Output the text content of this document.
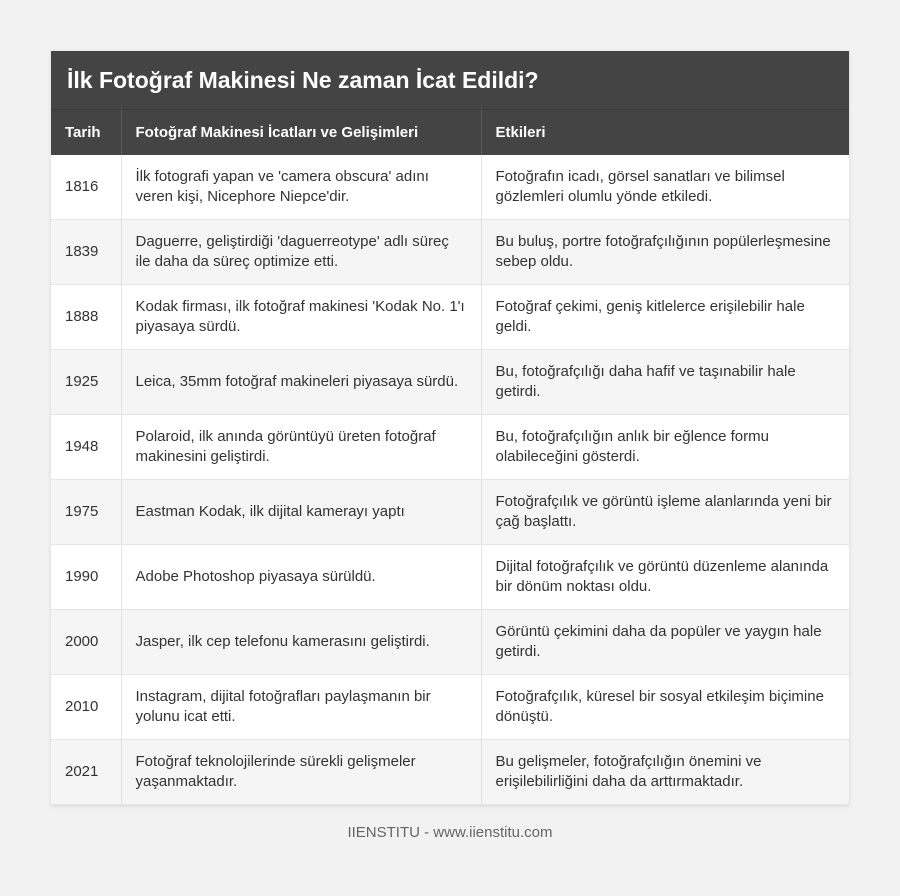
İlk Fotoğraf Makinesi Ne zaman İcat Edildi?
Tarih	Fotoğraf Makinesi İcatları ve Gelişimleri	Etkileri
1816	İlk fotografi yapan ve 'camera obscura' adını veren kişi, Nicephore Niepce'dir.	Fotoğrafın icadı, görsel sanatları ve bilimsel gözlemleri olumlu yönde etkiledi.
1839	Daguerre, geliştirdiği 'daguerreotype' adlı süreç ile daha da süreç optimize etti.	Bu buluş, portre fotoğrafçılığının popülerleşmesine sebep oldu.
1888	Kodak firması, ilk fotoğraf makinesi 'Kodak No. 1'ı piyasaya sürdü.	Fotoğraf çekimi, geniş kitlelerce erişilebilir hale geldi.
1925	Leica, 35mm fotoğraf makineleri piyasaya sürdü.	Bu, fotoğrafçılığı daha hafif ve taşınabilir hale getirdi.
1948	Polaroid, ilk anında görüntüyü üreten fotoğraf makinesini geliştirdi.	Bu, fotoğrafçılığın anlık bir eğlence formu olabileceğini gösterdi.
1975	Eastman Kodak, ilk dijital kamerayı yaptı	Fotoğrafçılık ve görüntü işleme alanlarında yeni bir çağ başlattı.
1990	Adobe Photoshop piyasaya sürüldü.	Dijital fotoğrafçılık ve görüntü düzenleme alanında bir dönüm noktası oldu.
2000	Jasper, ilk cep telefonu kamerasını geliştirdi.	Görüntü çekimini daha da popüler ve yaygın hale getirdi.
2010	Instagram, dijital fotoğrafları paylaşmanın bir yolunu icat etti.	Fotoğrafçılık, küresel bir sosyal etkileşim biçimine dönüştü.
2021	Fotoğraf teknolojilerinde sürekli gelişmeler yaşanmaktadır.	Bu gelişmeler, fotoğrafçılığın önemini ve erişilebilirliğini daha da arttırmaktadır.
IIENSTITU - www.iienstitu.com
